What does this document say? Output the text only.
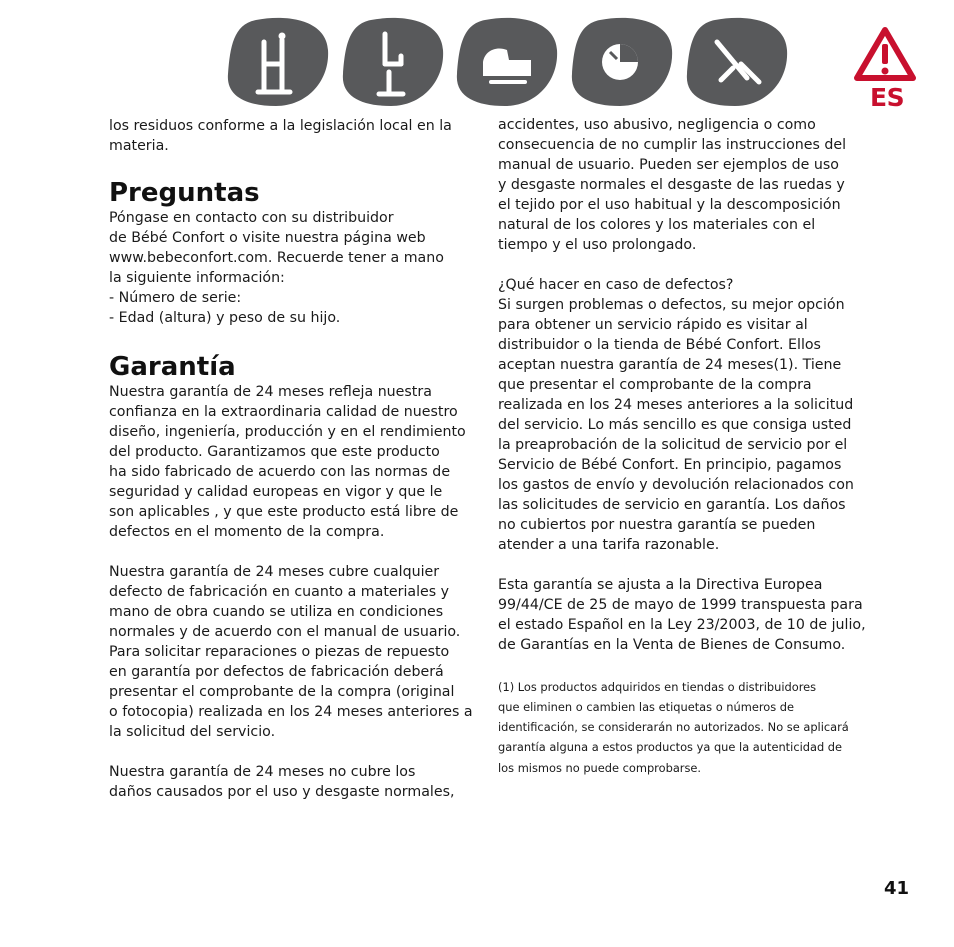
ES
los residuos conforme a la legislación local en la
materia.
Preguntas
Póngase en contacto con su distribuidor
de Bébé Confort o visite nuestra página web
www.bebeconfort.com. Recuerde tener a mano
la siguiente información:
- Número de serie:
- Edad (altura) y peso de su hijo.
Garantía
Nuestra garantía de 24 meses refleja nuestra
confianza en la extraordinaria calidad de nuestro
diseño, ingeniería, producción y en el rendimiento
del producto. Garantizamos que este producto
ha sido fabricado de acuerdo con las normas de
seguridad y calidad europeas en vigor y que le
son aplicables , y que este producto está libre de
defectos en el momento de la compra.
Nuestra garantía de 24 meses cubre cualquier
defecto de fabricación en cuanto a materiales y
mano de obra cuando se utiliza en condiciones
normales y de acuerdo con el manual de usuario.
Para solicitar reparaciones o piezas de repuesto
en garantía por defectos de fabricación deberá
presentar el comprobante de la compra (original
o fotocopia) realizada en los 24 meses anteriores a
la solicitud del servicio.
Nuestra garantía de 24 meses no cubre los
daños causados por el uso y desgaste normales,
accidentes, uso abusivo, negligencia o como
consecuencia de no cumplir las instrucciones del
manual de usuario. Pueden ser ejemplos de uso
y desgaste normales el desgaste de las ruedas y
el tejido por el uso habitual y la descomposición
natural de los colores y los materiales con el
tiempo y el uso prolongado.
¿Qué hacer en caso de defectos?
Si surgen problemas o defectos, su mejor opción
para obtener un servicio rápido es visitar al
distribuidor o la tienda de Bébé Confort. Ellos
aceptan nuestra garantía de 24 meses(1). Tiene
que presentar el comprobante de la compra
realizada en los 24 meses anteriores a la solicitud
del servicio. Lo más sencillo es que consiga usted
la preaprobación de la solicitud de servicio por el
Servicio de Bébé Confort. En principio, pagamos
los gastos de envío y devolución relacionados con
las solicitudes de servicio en garantía. Los daños
no cubiertos por nuestra garantía se pueden
atender a una tarifa razonable.
Esta garantía se ajusta a la Directiva Europea
99/44/CE de 25 de mayo de 1999 transpuesta para
el estado Español en la Ley 23/2003, de 10 de julio,
de Garantías en la Venta de Bienes de Consumo.
(1) Los productos adquiridos en tiendas o distribuidores
que eliminen o cambien las etiquetas o números de
identificación, se considerarán no autorizados. No se aplicará
garantía alguna a estos productos ya que la autenticidad de
los mismos no puede comprobarse.
41
